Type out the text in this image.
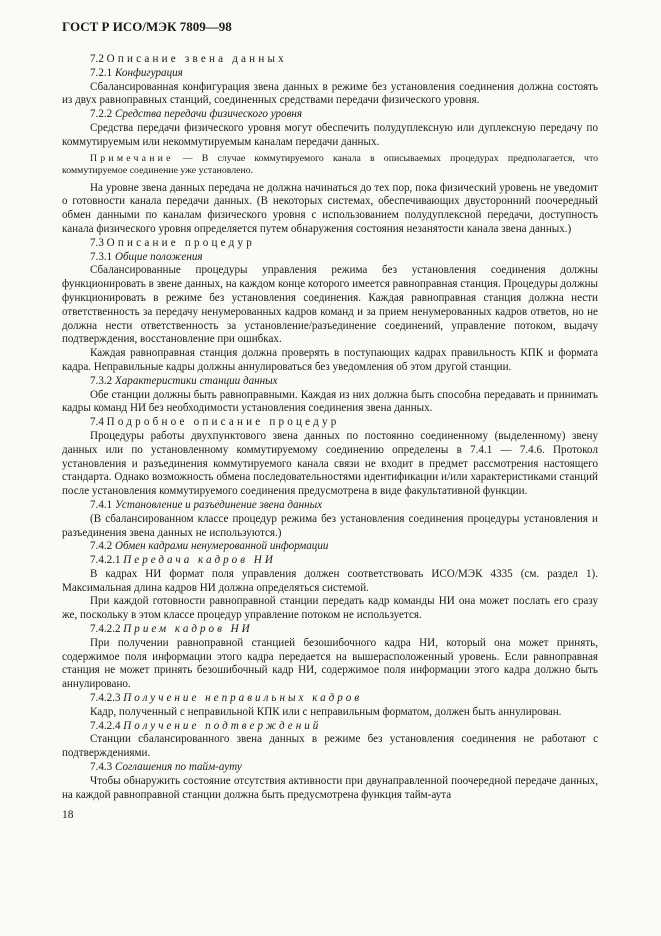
ГОСТ Р ИСО/МЭК 7809—98

7.2 Описание звена данных

7.2.1 Конфигурация

Сбалансированная конфигурация звена данных в режиме без установления соединения должна состоять из двух равноправных станций, соединенных средствами передачи физического уровня.

7.2.2 Средства передачи физического уровня

Средства передачи физического уровня могут обеспечить полудуплексную или дуплексную передачу по коммутируемым или некоммутируемым каналам передачи данных.

Примечание — В случае коммутируемого канала в описываемых процедурах предполагается, что коммутируемое соединение уже установлено.

На уровне звена данных передача не должна начинаться до тех пор, пока физический уровень не уведомит о готовности канала передачи данных. (В некоторых системах, обеспечивающих двусторонний поочередный обмен данными по каналам физического уровня с использованием полудуплексной передачи, доступность канала физического уровня определяется путем обнаружения состояния незанятости канала звена данных.)

7.3 Описание процедур

7.3.1 Общие положения

Сбалансированные процедуры управления режима без установления соединения должны функционировать в звене данных, на каждом конце которого имеется равноправная станция. Процедуры должны функционировать в режиме без установления соединения. Каждая равноправная станция должна нести ответственность за передачу ненумерованных кадров команд и за прием ненумерованных кадров ответов, но не должна нести ответственность за установление/разъединение соединений, управление потоком, выдачу подтверждения, восстановление при ошибках.

Каждая равноправная станция должна проверять в поступающих кадрах правильность КПК и формата кадра. Неправильные кадры должны аннулироваться без уведомления об этом другой станции.

7.3.2 Характеристики станции данных

Обе станции должны быть равноправными. Каждая из них должна быть способна передавать и принимать кадры команд НИ без необходимости установления соединения звена данных.

7.4 Подробное описание процедур

Процедуры работы двухпунктового звена данных по постоянно соединенному (выделенному) звену данных или по установленному коммутируемому соединению определены в 7.4.1 — 7.4.6. Протокол установления и разъединения коммутируемого канала связи не входит в предмет рассмотрения настоящего стандарта. Однако возможность обмена последовательностями идентификации и/или характеристиками станций после установления коммутируемого соединения предусмотрена в виде факультативной функции.

7.4.1 Установление и разъединение звена данных

(В сбалансированном классе процедур режима без установления соединения процедуры установления и разъединения звена данных не используются.)

7.4.2 Обмен кадрами ненумерованной информации

7.4.2.1 Передача кадров НИ

В кадрах НИ формат поля управления должен соответствовать ИСО/МЭК 4335 (см. раздел 1). Максимальная длина кадров НИ должна определяться системой.

При каждой готовности равноправной станции передать кадр команды НИ она может послать его сразу же, поскольку в этом классе процедур управление потоком не используется.

7.4.2.2 Прием кадров НИ

При получении равноправной станцией безошибочного кадра НИ, который она может принять, содержимое поля информации этого кадра передается на вышерасположенный уровень. Если равноправная станция не может принять безошибочный кадр НИ, содержимое поля информации этого кадра должно быть аннулировано.

7.4.2.3 Получение неправильных кадров

Кадр, полученный с неправильной КПК или с неправильным форматом, должен быть аннулирован.

7.4.2.4 Получение подтверждений

Станции сбалансированного звена данных в режиме без установления соединения не работают с подтверждениями.

7.4.3 Соглашения по тайм-ауту

Чтобы обнаружить состояние отсутствия активности при двунаправленной поочередной передаче данных, на каждой равноправной станции должна быть предусмотрена функция тайм-аута

18
